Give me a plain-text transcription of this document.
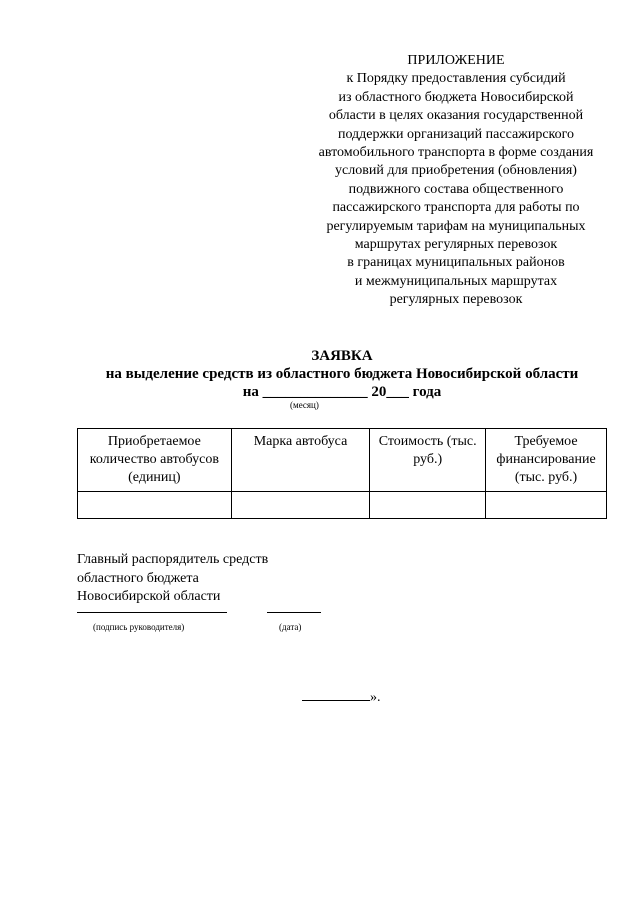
ПРИЛОЖЕНИЕ
к Порядку предоставления субсидий
из областного бюджета Новосибирской
области в целях оказания государственной
поддержки организаций пассажирского
автомобильного транспорта в форме создания
условий для приобретения (обновления)
подвижного состава общественного
пассажирского транспорта для работы по
регулируемым тарифам на муниципальных
маршрутах регулярных перевозок
в границах муниципальных районов
и межмуниципальных маршрутах
регулярных перевозок
ЗАЯВКА
на выделение средств из областного бюджета Новосибирской области
на ______________ 20___ года
(месяц)
Приобретаемое количество автобусов (единиц)	Марка автобуса	Стоимость (тыс. руб.)	Требуемое финансирование (тыс. руб.)

Главный распорядитель средств
областного бюджета
Новосибирской области
(подпись руководителя)	(дата)
».
